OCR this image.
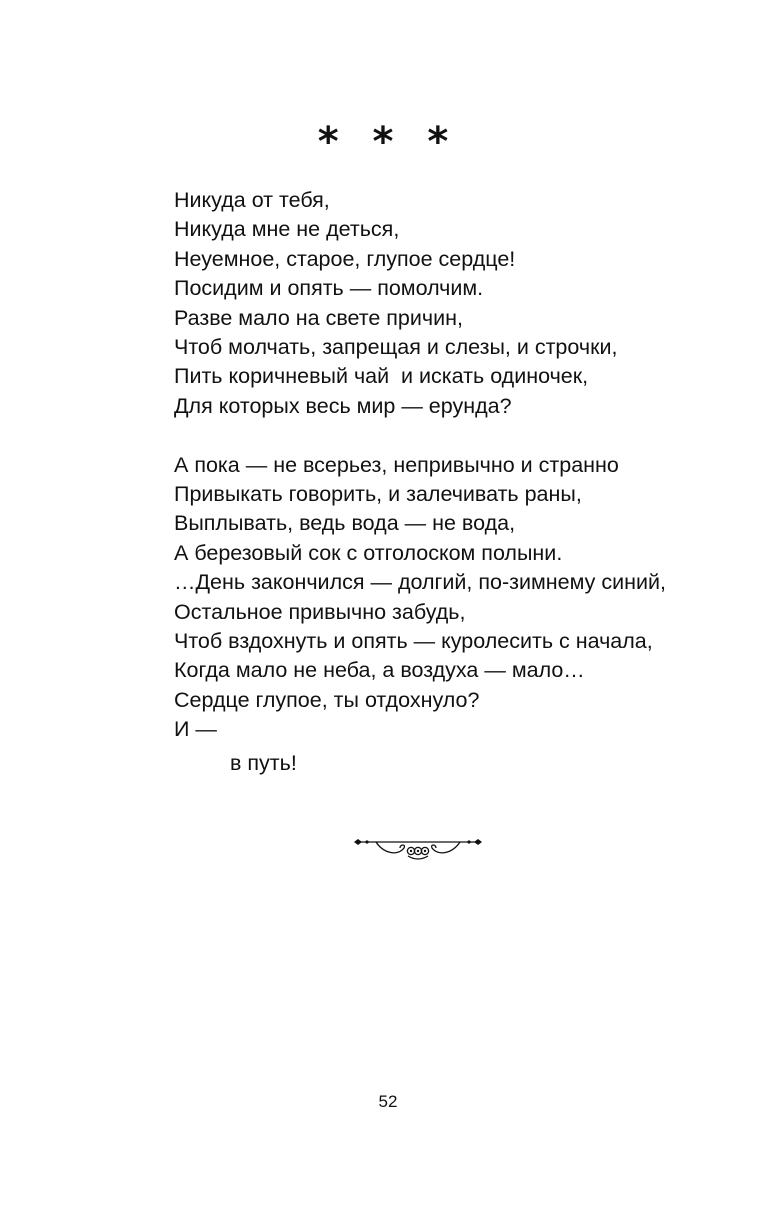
* * *
Никуда от тебя,
Никуда мне не деться,
Неуемное, старое, глупое сердце!
Посидим и опять — помолчим.
Разве мало на свете причин,
Чтоб молчать, запрещая и слезы, и строчки,
Пить коричневый чай  и искать одиночек,
Для которых весь мир — ерунда?
А пока — не всерьез, непривычно и странно
Привыкать говорить, и залечивать раны,
Выплывать, ведь вода — не вода,
А березовый сок с отголоском полыни.
…День закончился — долгий, по-зимнему синий,
Остальное привычно забудь,
Чтоб вздохнуть и опять — куролесить с начала,
Когда мало не неба, а воздуха — мало…
Сердце глупое, ты отдохнуло?
И —
в путь!
52
